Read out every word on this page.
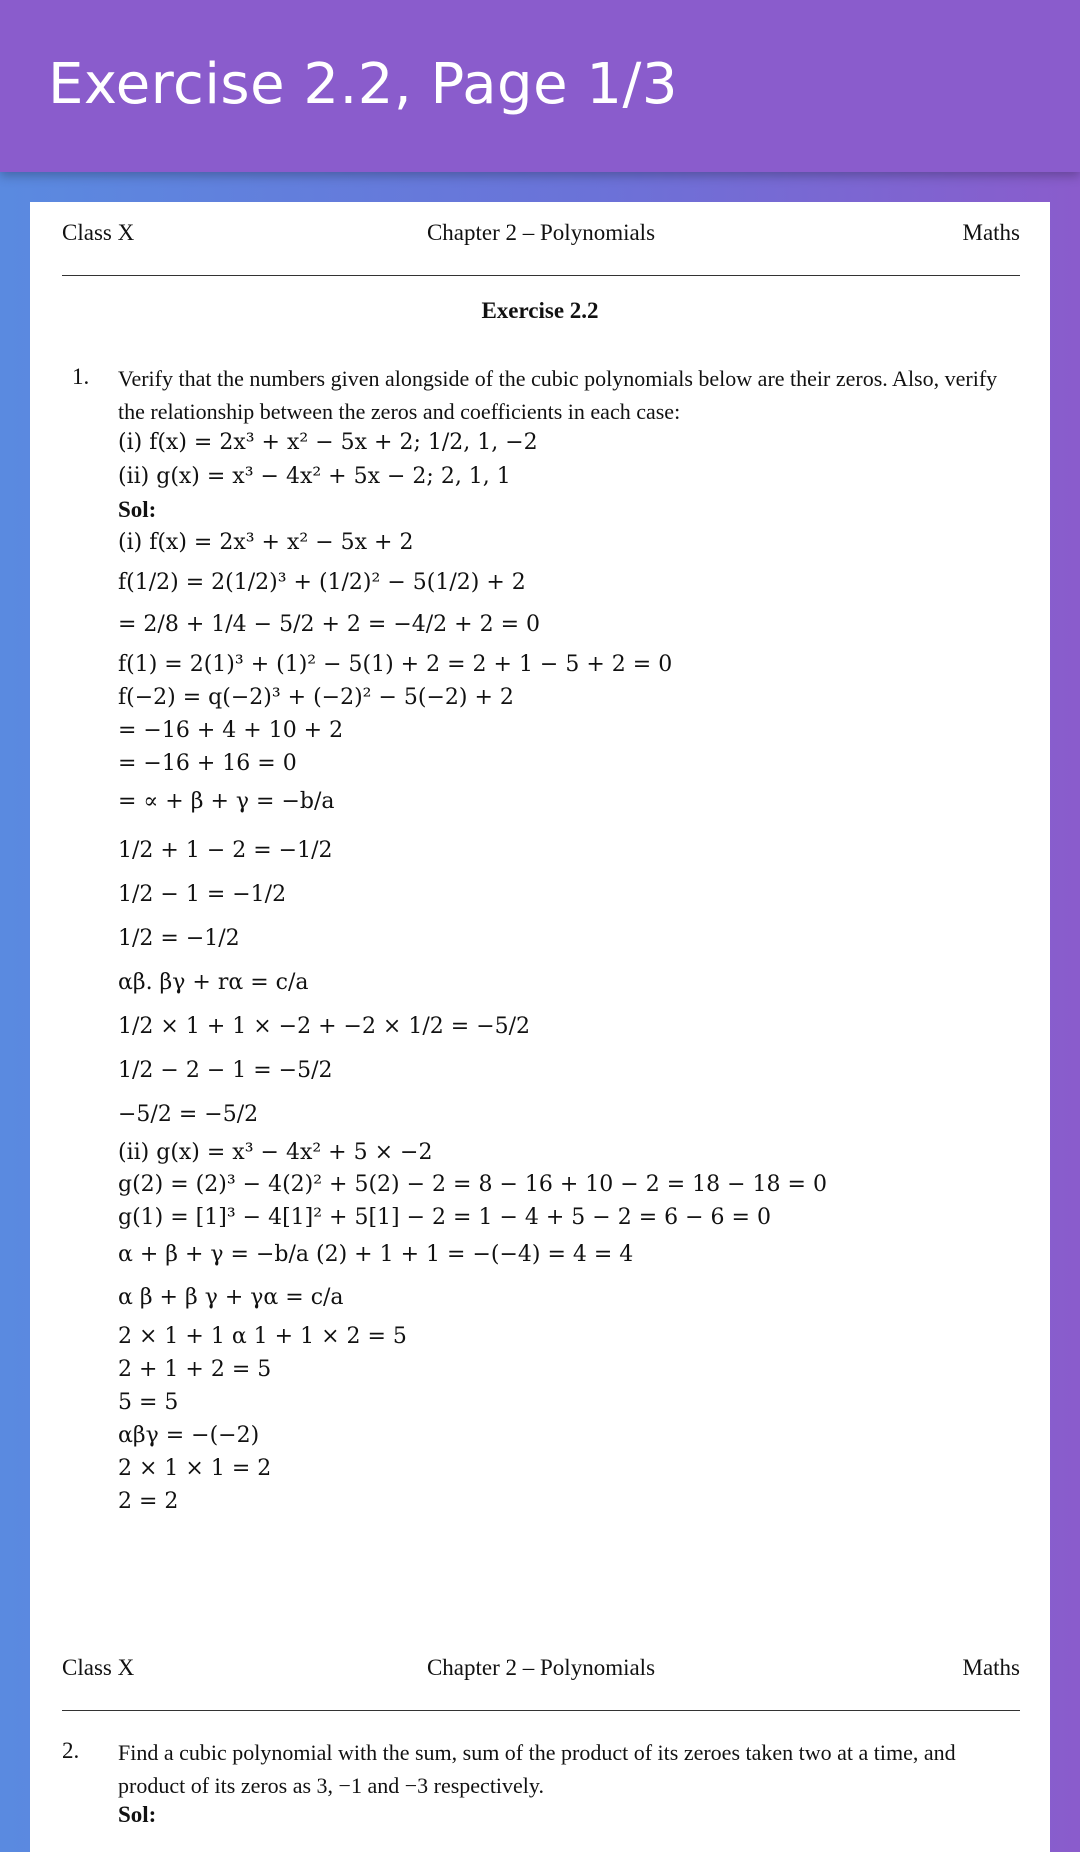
Exercise 2.2, Page 1/3
Class X	Chapter 2 – Polynomials	Maths
Exercise 2.2
1. Verify that the numbers given alongside of the cubic polynomials below are their zeros. Also, verify the relationship between the zeros and coefficients in each case:
(i) f(x) = 2x³ + x² − 5x + 2; 1/2, 1, −2
(ii) g(x) = x³ − 4x² + 5x − 2; 2, 1, 1
Sol:
(i) f(x) = 2x³ + x² − 5x + 2
f(1/2) = 2(1/2)³ + (1/2)² − 5(1/2) + 2
= 2/8 + 1/4 − 5/2 + 2 = −4/2 + 2 = 0
f(1) = 2(1)³ + (1)² − 5(1) + 2 = 2 + 1 − 5 + 2 = 0
f(−2) = q(−2)³ + (−2)² − 5(−2) + 2
= −16 + 4 + 10 + 2
= −16 + 16 = 0
= ∝ + β + γ = −b/a
1/2 + 1 − 2 = −1/2
1/2 − 1 = −1/2
1/2 = −1/2
αβ. βγ + rα = c/a
1/2 × 1 + 1 × −2 + −2 × 1/2 = −5/2
1/2 − 2 − 1 = −5/2
−5/2 = −5/2
(ii) g(x) = x³ − 4x² + 5 × −2
g(2) = (2)³ − 4(2)² + 5(2) − 2 = 8 − 16 + 10 − 2 = 18 − 18 = 0
g(1) = [1]³ − 4[1]² + 5[1] − 2 = 1 − 4 + 5 − 2 = 6 − 6 = 0
α + β + γ = −b/a (2) + 1 + 1 = −(−4) = 4 = 4
α β + β γ + γα = c/a
2 × 1 + 1 α 1 + 1 × 2 = 5
2 + 1 + 2 = 5
5 = 5
αβγ = −(−2)
2 × 1 × 1 = 2
2 = 2
Class X	Chapter 2 – Polynomials	Maths
2. Find a cubic polynomial with the sum, sum of the product of its zeroes taken two at a time, and product of its zeros as 3, −1 and −3 respectively.
Sol:
